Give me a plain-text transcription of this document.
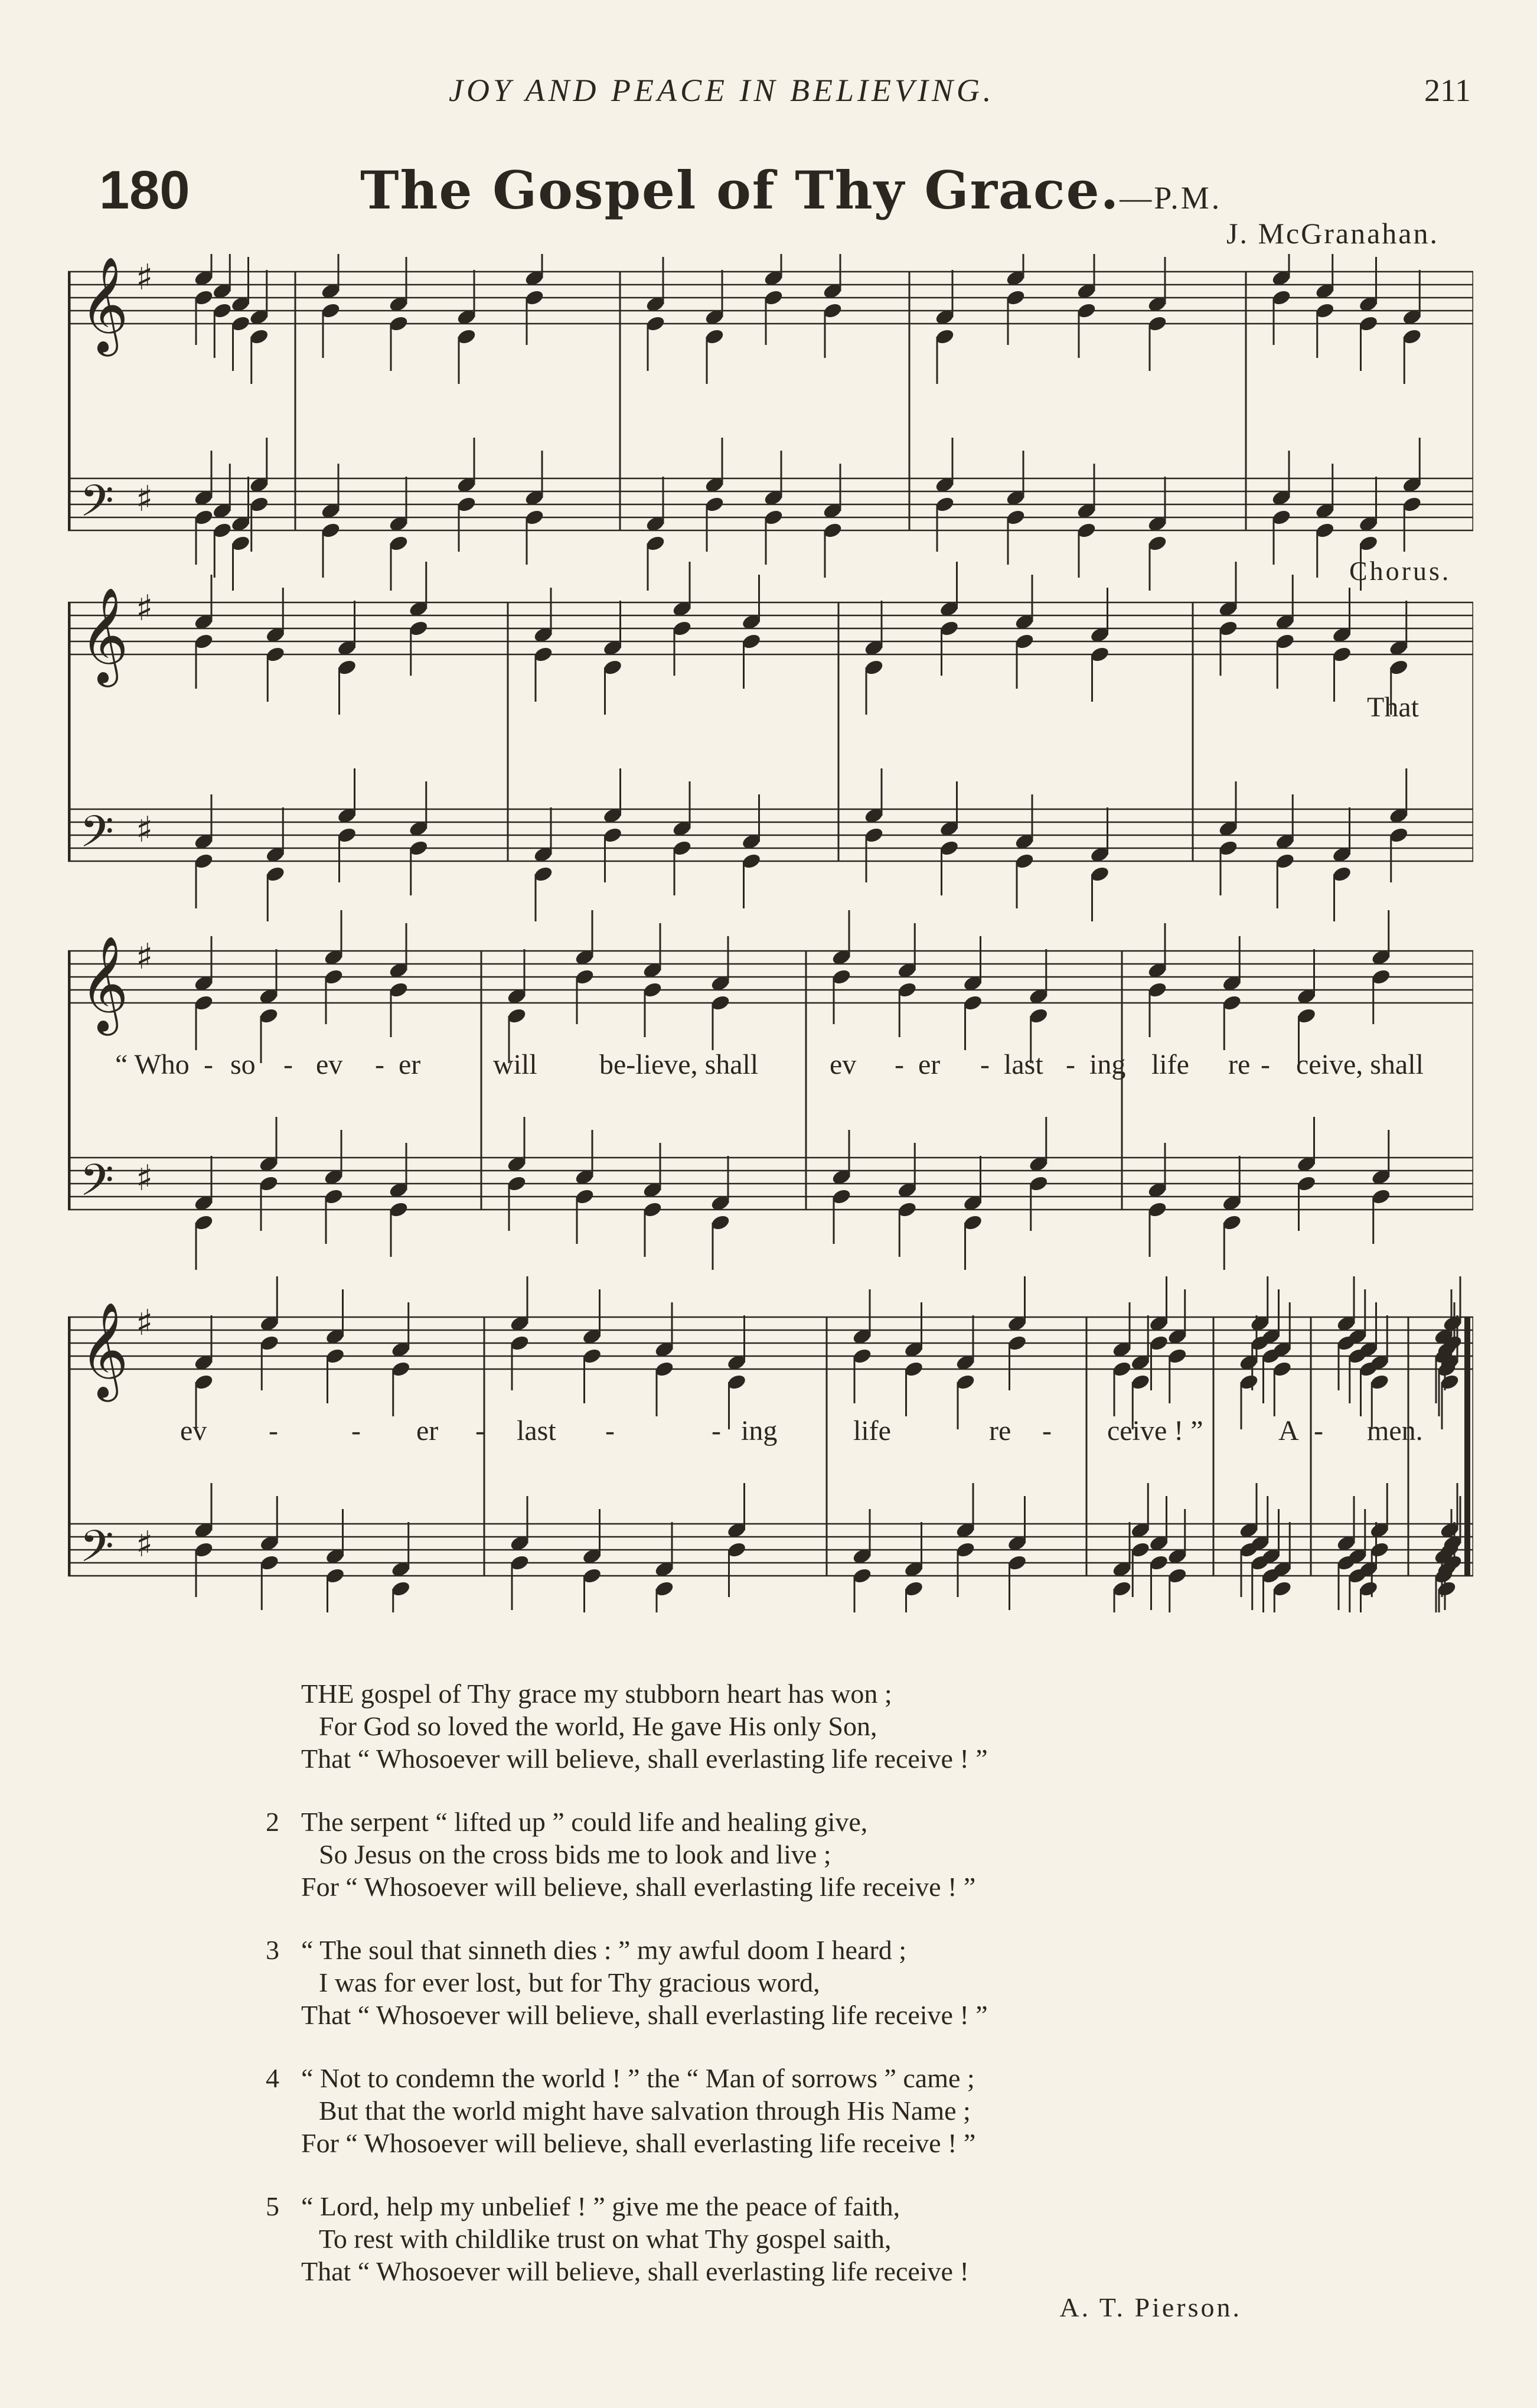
JOY AND PEACE IN BELIEVING.	211
180	The Gospel of Thy Grace.—P.M.
J. McGranahan.
𝄞 ♯
𝄢 ♯
𝄞 ♯
𝄢 ♯
𝄞 ♯
𝄢 ♯
𝄞 ♯
𝄢 ♯
Chorus.
That
“ Who - so - ev - er	will be-lieve, shall	ev - er - last - ing life re - ceive, shall
ev -	- er - last -	- ing	life	re - ceive ! ”	A - men.
THE gospel of Thy grace my stubborn heart has won ;
For God so loved the world, He gave His only Son,
That “ Whosoever will believe, shall everlasting life receive ! ”
2 The serpent “ lifted up ” could life and healing give,
So Jesus on the cross bids me to look and live ;
For “ Whosoever will believe, shall everlasting life receive ! ”
3 “ The soul that sinneth dies : ” my awful doom I heard ;
I was for ever lost, but for Thy gracious word,
That “ Whosoever will believe, shall everlasting life receive ! ”
4 “ Not to condemn the world ! ” the “ Man of sorrows ” came ;
But that the world might have salvation through His Name ;
For “ Whosoever will believe, shall everlasting life receive ! ”
5 “ Lord, help my unbelief ! ” give me the peace of faith,
To rest with childlike trust on what Thy gospel saith,
That “ Whosoever will believe, shall everlasting life receive !
A. T. Pierson.
